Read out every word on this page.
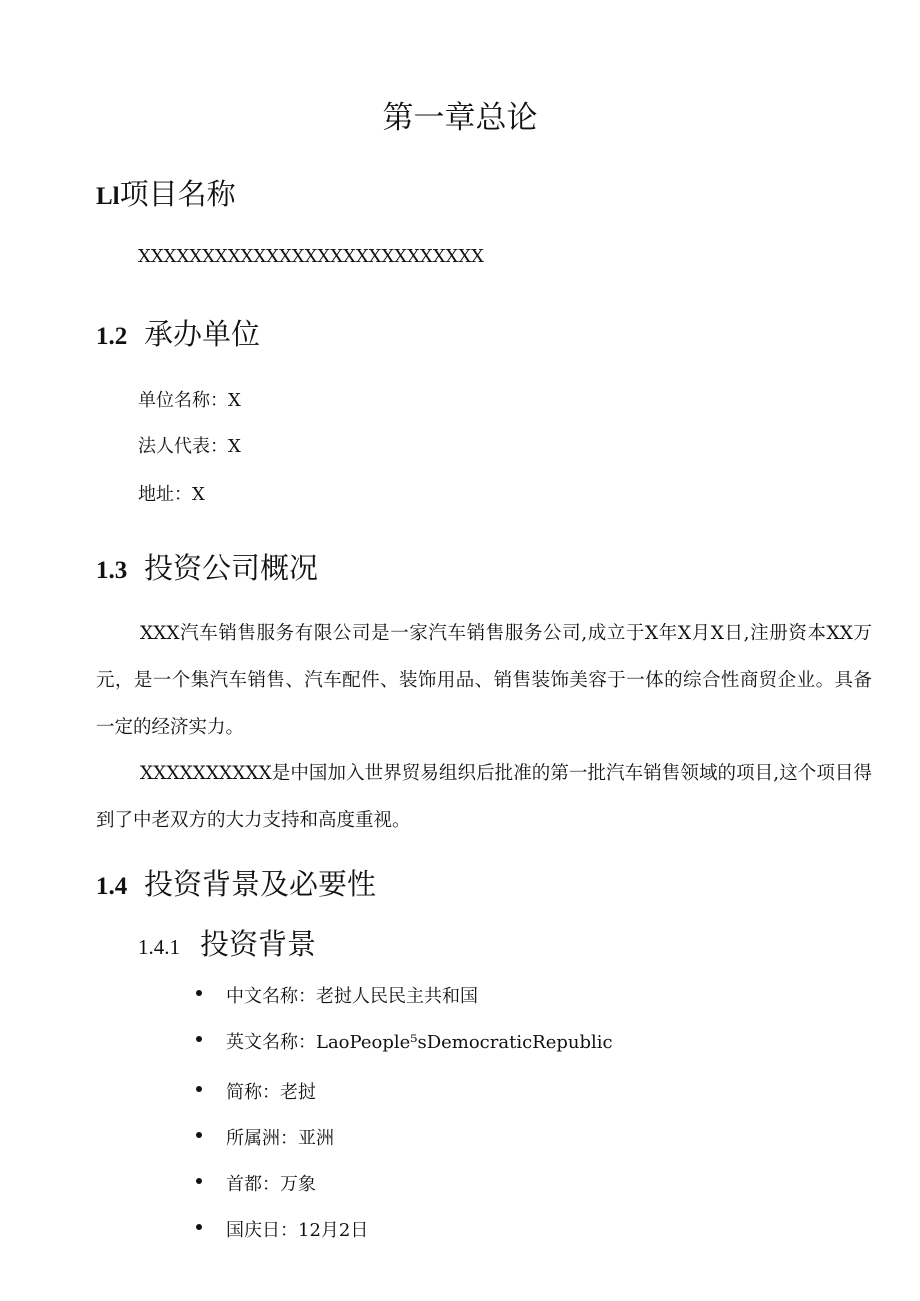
第一章总论
Ll项目名称
XXXXXXXXXXXXXXXXXXXXXXXXXXX
1.2 承办单位
单位名称：X
法人代表：X
地址：X
1.3 投资公司概况
XXX汽车销售服务有限公司是一家汽车销售服务公司,成立于X年X月X日,注册资本XX万元，是一个集汽车销售、汽车配件、装饰用品、销售装饰美容于一体的综合性商贸企业。具备一定的经济实力。
XXXXXXXXXX是中国加入世界贸易组织后批准的第一批汽车销售领域的项目,这个项目得到了中老双方的大力支持和高度重视。
1.4 投资背景及必要性
1.4.1 投资背景
中文名称：老挝人民民主共和国
英文名称：LaoPeople⁵sDemocraticRepublic
简称：老挝
所属洲：亚洲
首都：万象
国庆日：12月2日
